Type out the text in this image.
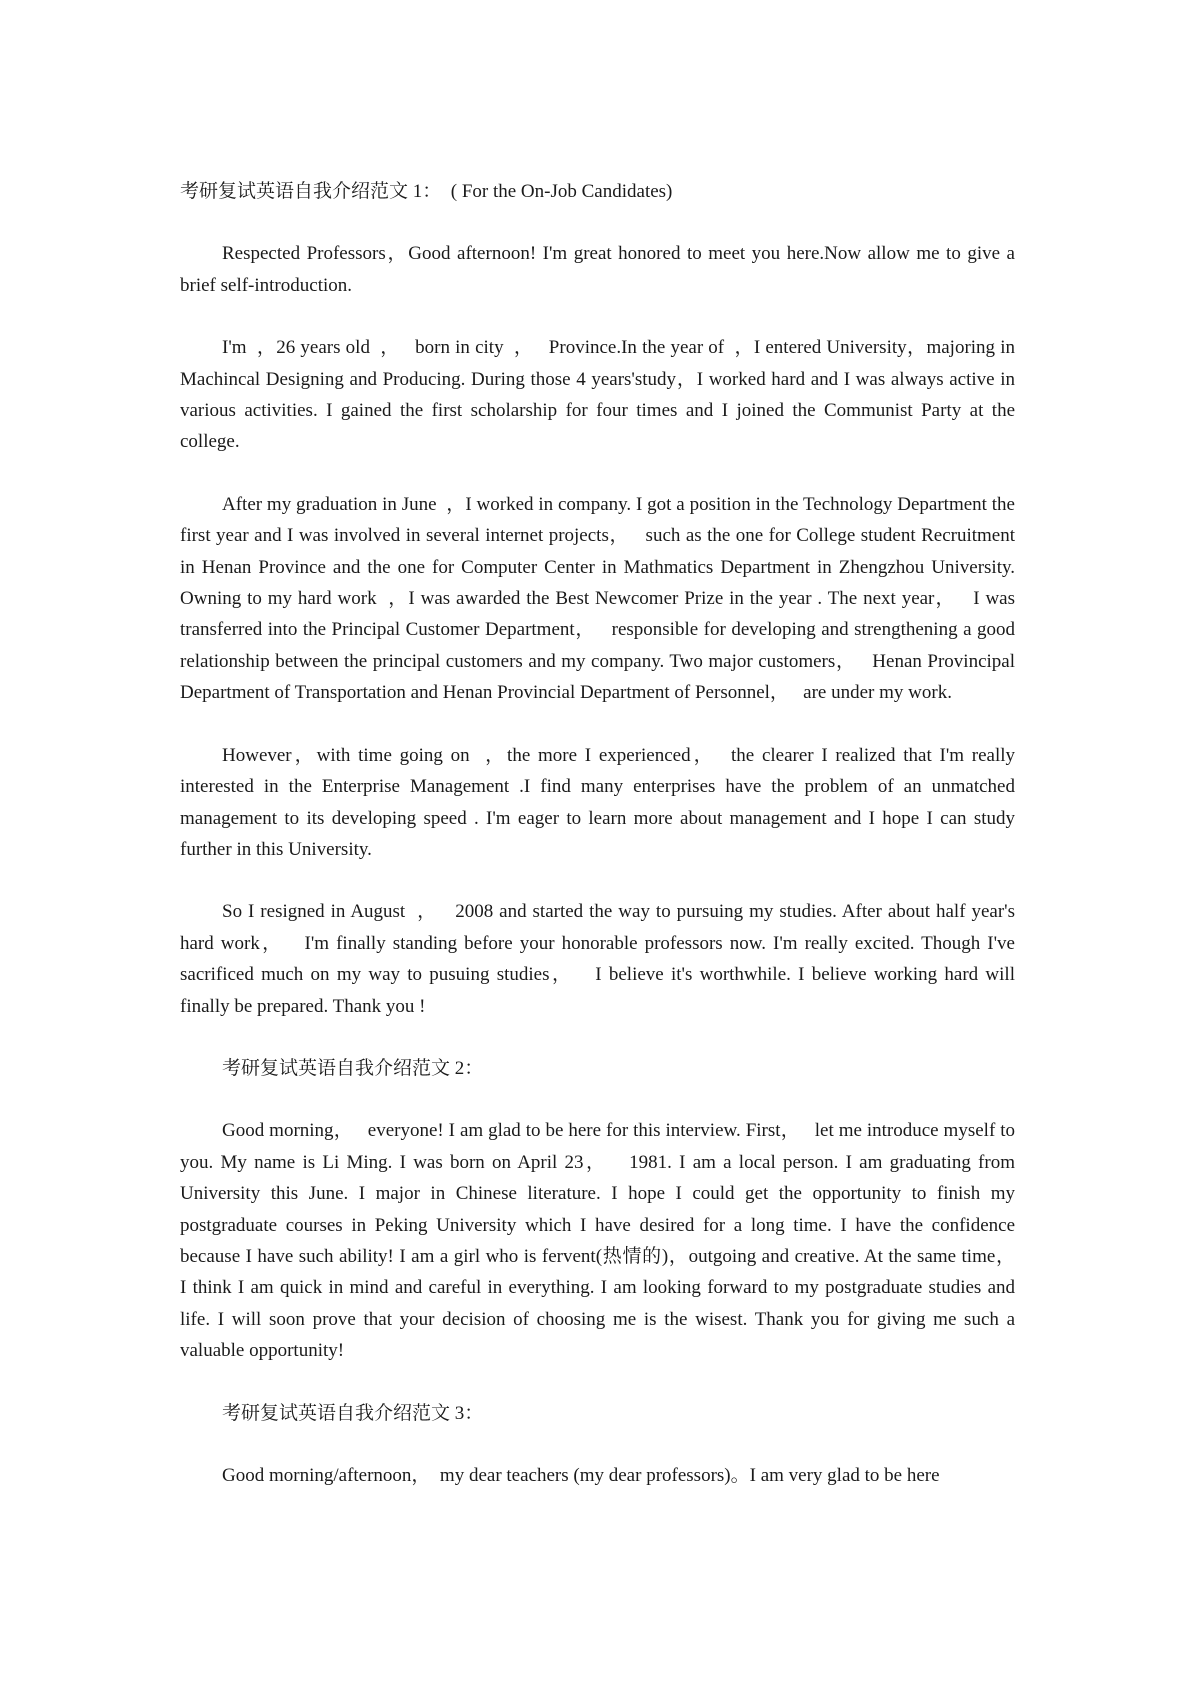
考研复试英语自我介绍范文 1：  ( For the On-Job Candidates)

Respected Professors，Good afternoon! I'm great honored to meet you here.Now allow me to give a brief self-introduction.

I'm  ，26 years old  ，   born in city  ，   Province.In the year of  ，I entered University，majoring in Machincal Designing and Producing. During those 4 years'study，I worked hard and I was always active in various activities. I gained the first scholarship for four times and I joined the Communist Party at the college.

After my graduation in June  ，I worked in company. I got a position in the Technology Department the first year and I was involved in several internet projects，   such as the one for College student Recruitment in Henan Province and the one for Computer Center in Mathmatics Department in Zhengzhou University. Owning to my hard work  ，I was awarded the Best Newcomer Prize in the year . The next year，   I was transferred into the Principal Customer Department，   responsible for developing and strengthening a good relationship between the principal customers and my company. Two major customers，   Henan Provincipal Department of Transportation and Henan Provincial Department of Personnel，   are under my work.

However，with time going on  ，the more I experienced，  the clearer I realized that I'm really interested in the Enterprise Management .I find many enterprises have the problem of an unmatched management to its developing speed . I'm eager to learn more about management and I hope I can study further in this University.

So I resigned in August  ，   2008 and started the way to pursuing my studies. After about half year's hard work，   I'm finally standing before your honorable professors now. I'm really excited. Though I've sacrificed much on my way to pusuing studies，   I believe it's worthwhile. I believe working hard will finally be prepared. Thank you !

考研复试英语自我介绍范文 2：

Good morning，   everyone! I am glad to be here for this interview. First，   let me introduce myself to you. My name is Li Ming. I was born on April 23，   1981. I am a local person. I am graduating from University this June. I major in Chinese literature. I hope I could get the opportunity to finish my postgraduate courses in Peking University which I have desired for a long time. I have the confidence because I have such ability! I am a girl who is fervent(热情的)，outgoing and creative. At the same time，   I think I am quick in mind and careful in everything. I am looking forward to my postgraduate studies and life. I will soon prove that your decision of choosing me is the wisest. Thank you for giving me such a valuable opportunity!

考研复试英语自我介绍范文 3：

Good morning/afternoon，  my dear teachers (my dear professors)。I am very glad to be here
